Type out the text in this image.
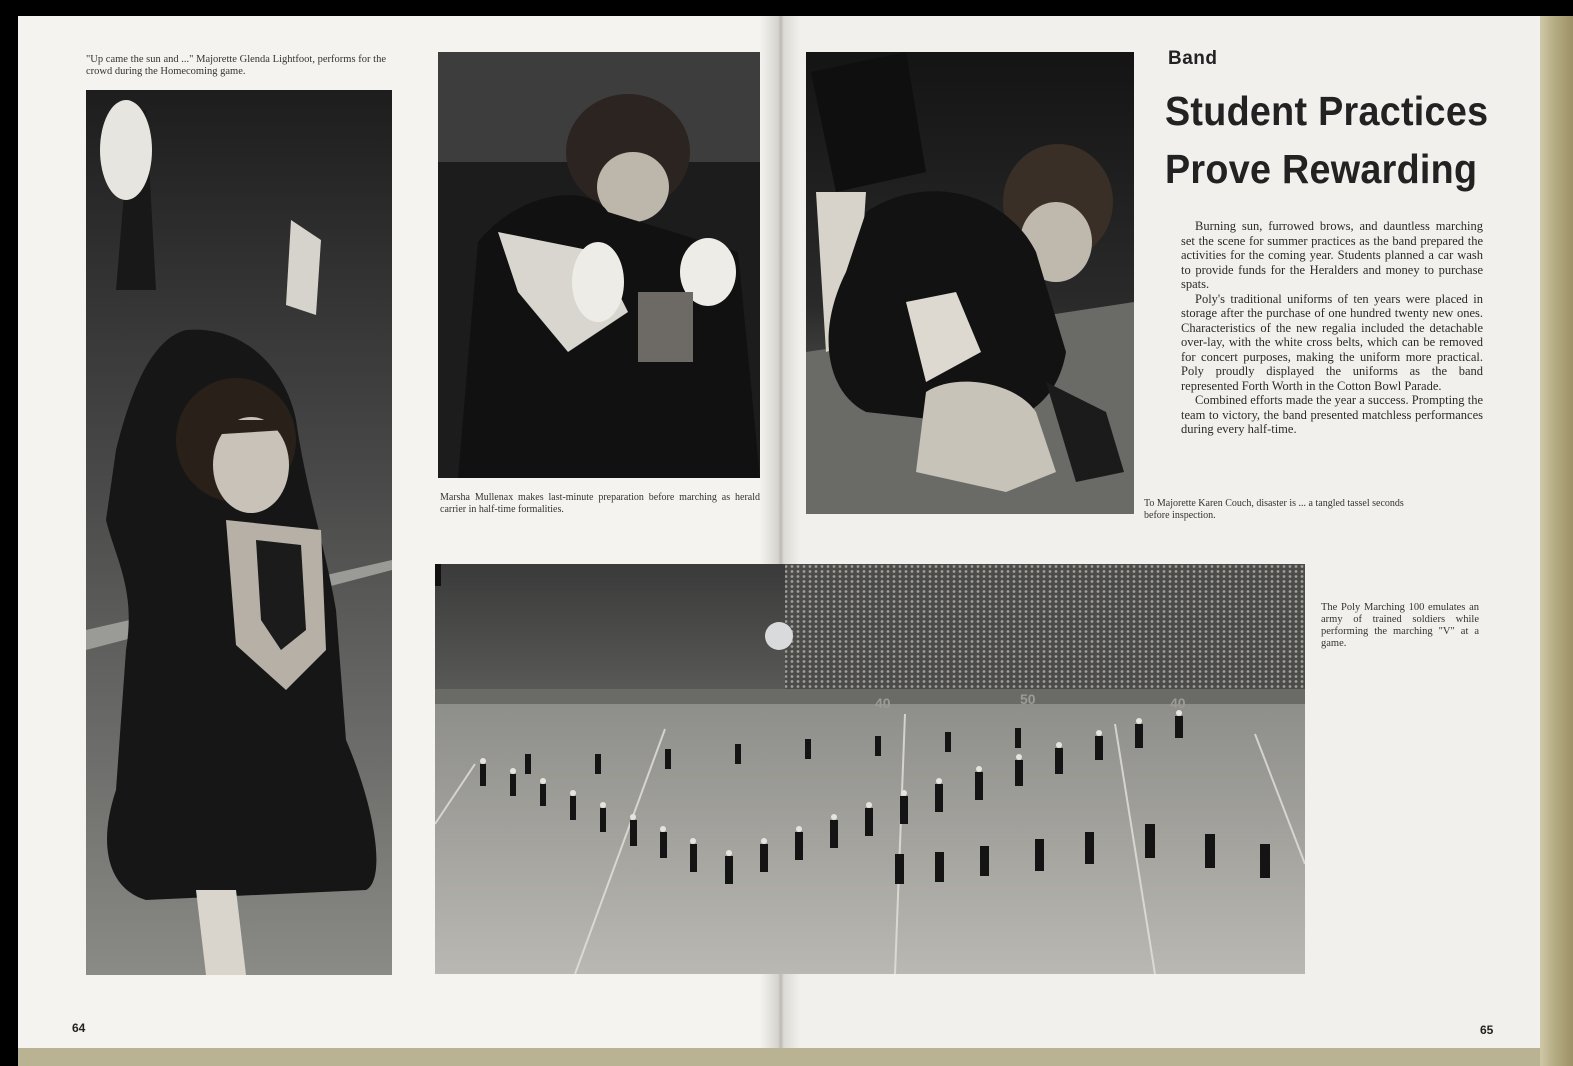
"Up came the sun and ..." Majorette Glenda Lightfoot, performs for the crowd during the Homecoming game.
Marsha Mullenax makes last-minute preparation before marching as herald carrier in half-time formalities.
64
Band
Student Practices
Prove Rewarding

Burning sun, furrowed brows, and dauntless marching set the scene for summer practices as the band prepared the activities for the coming year. Students planned a car wash to provide funds for the Heralders and money to purchase spats.

Poly's traditional uniforms of ten years were placed in storage after the purchase of one hundred twenty new ones. Characteristics of the new regalia included the detachable over-lay, with the white cross belts, which can be removed for concert purposes, making the uniform more practical. Poly proudly displayed the uniforms as the band represented Forth Worth in the Cotton Bowl Parade.

Combined efforts made the year a success. Prompting the team to victory, the band presented matchless performances during every half-time.

To Majorette Karen Couch, disaster is ... a tangled tassel seconds before inspection.
40	50	40
The Poly Marching 100 emulates an army of trained soldiers while performing the marching "V" at a game.
65
